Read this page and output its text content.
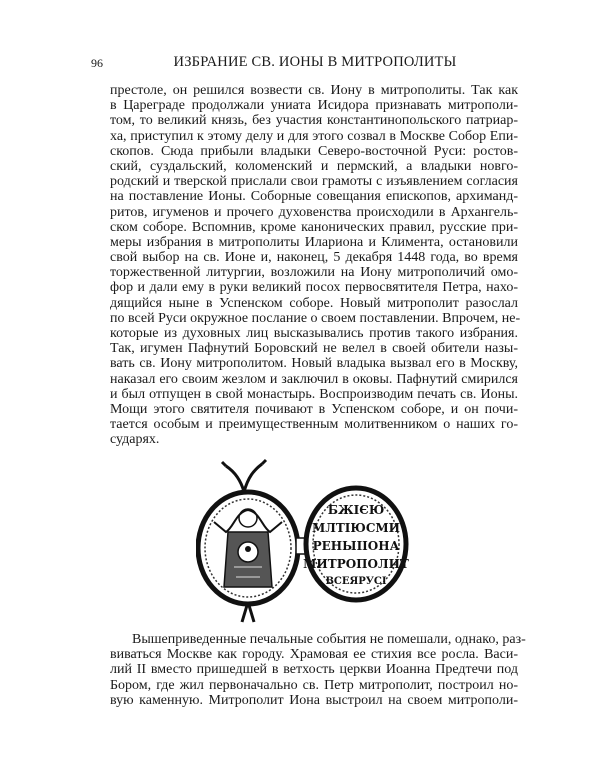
96	ИЗБРАНИЕ СВ. ИОНЫ В МИТРОПОЛИТЫ
престоле, он решился возвести св. Иону в митрополиты. Так как
в Цареграде продолжали униата Исидора признавать митрополи-
том, то великий князь, без участия константинопольского патриар-
ха, приступил к этому делу и для этого созвал в Москве Собор Епи-
скопов. Сюда прибыли владыки Северо-восточной Руси: ростов-
ский, суздальский, коломенский и пермский, а владыки новго-
родский и тверской прислали свои грамоты с изъявлением согласия
на поставление Ионы. Соборные совещания епископов, архиманд-
ритов, игуменов и прочего духовенства происходили в Архангель-
ском соборе. Вспомнив, кроме канонических правил, русские при-
меры избрания в митрополиты Илариона и Климента, остановили
свой выбор на св. Ионе и, наконец, 5 декабря 1448 года, во время
торжественной литургии, возложили на Иону митрополичий омо-
фор и дали ему в руки великий посох первосвятителя Петра, нахо-
дящийся ныне в Успенском соборе. Новый митрополит разослал
по всей Руси окружное послание о своем поставлении. Впрочем, не-
которые из духовных лиц высказывались против такого избрания.
Так, игумен Пафнутий Боровский не велел в своей обители назы-
вать св. Иону митрополитом. Новый владыка вызвал его в Москву,
наказал его своим жезлом и заключил в оковы. Пафнутий смирился
и был отпущен в свой монастырь. Воспроизводим печать св. Ионы.
Мощи этого святителя почивают в Успенском соборе, и он почи-
тается особым и преимущественным молитвенником о наших го-
сударях.
БЖІЄЮ
МЛТІЮСМИ
РЕНЫІІОНА
МИТРОПОЛИТ
ВСЕЯРУСІ
Вышеприведенные печальные события не помешали, однако, раз-
виваться Москве как городу. Храмовая ее стихия все росла. Васи-
лий II вместо пришедшей в ветхость церкви Иоанна Предтечи под
Бором, где жил первоначально св. Петр митрополит, построил но-
вую каменную. Митрополит Иона выстроил на своем митрополи-
